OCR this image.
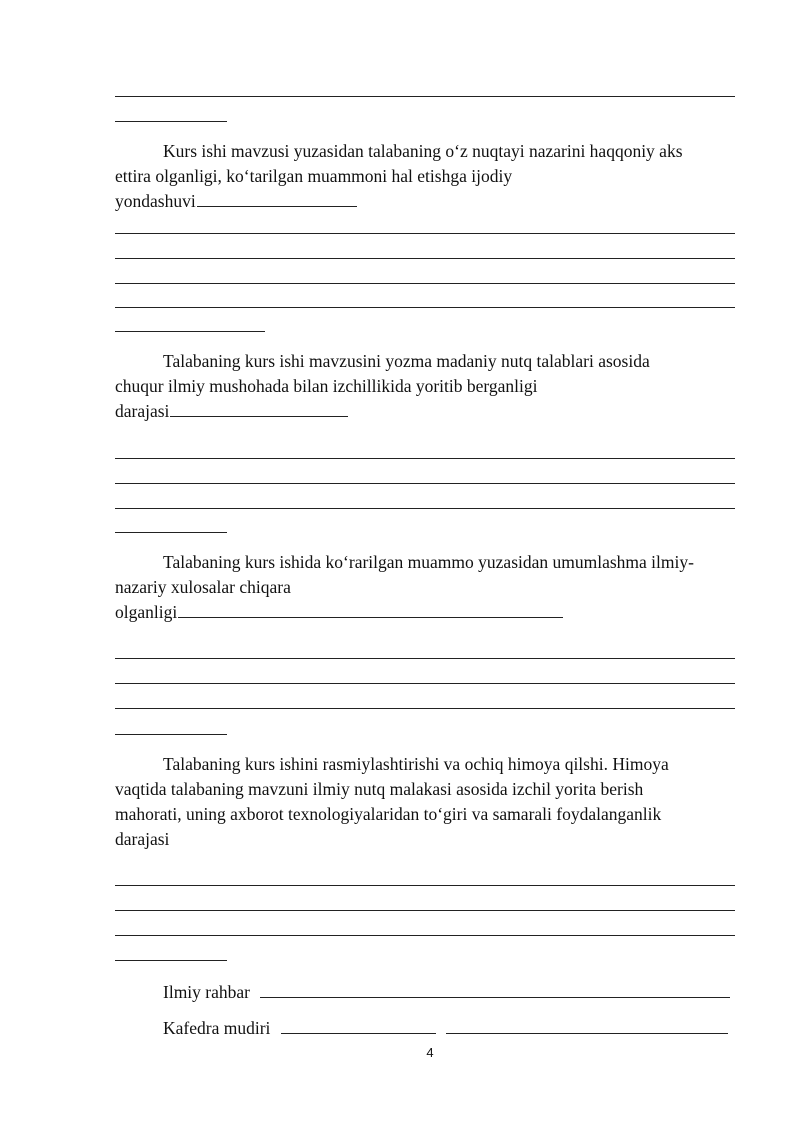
Kurs ishi mavzusi yuzasidan talabaning o‘z nuqtayi nazarini haqqoniy aks
ettira olganligi, ko‘tarilgan muammoni hal etishga ijodiy
yondashuvi
Talabaning kurs ishi mavzusini yozma madaniy nutq talablari asosida
chuqur ilmiy mushohada bilan izchillikida yoritib berganligi
darajasi
Talabaning kurs ishida ko‘rarilgan muammo yuzasidan umumlashma ilmiy-
nazariy xulosalar chiqara
olganligi
Talabaning kurs ishini rasmiylashtirishi va ochiq himoya qilshi. Himoya
vaqtida talabaning mavzuni ilmiy nutq malakasi asosida izchil yorita berish
mahorati, uning axborot texnologiyalaridan to‘giri va samarali foydalanganlik
darajasi
Ilmiy rahbar
Kafedra mudiri
4
